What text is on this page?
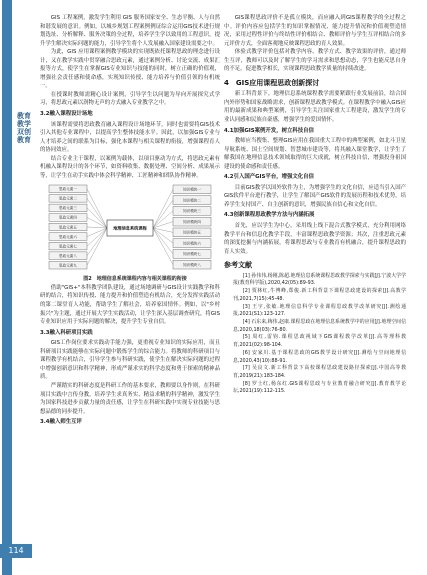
教育教学
双创教育
114

GIS 工程案例，激发学生利用 GIS 服务国家安全、生态平衡、人与自然和谐发展的意识。例如，以城乡规划工程案例例证综合运用GIS技术进行规划选址、分析解释、服务决策的全过程，培养学生学以致用的工程意识，提升学生解决实际问题的能力，引导学生将个人发展融入国家建设需要之中。

为此，GIS 应用课程案例教学模块的实现既依托课程思政的理念进行设计，又在教学实践中贯穿融合思政元素，通过案例分析、讨论交流、成果汇报等方式，使学生在掌握GIS专业知识与技能的同时，树立正确的价值观，增强社会责任感和使命感，实现知识传授、能力培养与价值引领的有机统一。

在授课时教师需精心设计案例，引导学生以问题为导向开展探究式学习，将思政元素以润物无声的方式融入专业教学之中。

3.2融入课程设计场地

该课程需要将思政教育融入课程设计场地环节，同时也需要将GIS技术引入其他专业课程中，以提高学生整体技能水平。因此，以加强GIS专业与人才培养之间的联系为目标，强化本课程与相关课程的衔接，增强课程育人的协同效应。

结合专业主干课程，以案例为载体，以项目驱动为方式，将思政元素有机融入课程设计的各个环节，如资料收集、数据处理、空间分析、成果展示等，让学生在动手实践中体会科学精神、工匠精神和团队协作精神。

思政元素一
思政元素二
思政元素三
思政元素四
思政元素五
思政元素六
思政元素七
思政元素八
思政元素九
知识模块一
知识模块二
知识模块三
知识模块四
知识模块五
知识模块六
知识模块七
知识模块八
地理信息系统课程

图2　地理信息系统课程内容与相关课程的衔接

借助"GIS+"本科教学团队建设，通过场地调研与GIS设计实践教学和科研的结合，将知识传授、能力提升和价值塑造有机结合，充分发挥实践活动的第二课堂育人功能，帮助学生了解社会，培养家国情怀。例如，以"乡村振兴"为主题，通过开展大学生实践活动，让学生深入基层调查研究，将GIS专业知识应用于实际问题的解决，提升学生专业自信。

3.3融入科研项目实践

GIS工作岗位要求实践动手能力强，更重视专业知识的实际应用，而且科研项目实践能够在实际问题中锻炼学生的综合能力。将教师的科研项目与课程教学有机结合，引导学生参与科研实践，使学生在解决实际问题的过程中增强创新意识和科学精神，形成严谨求实的科学态度和勇于探索的精神品质。

严谨踏实的科研态度是科研工作的基本要求，教师要以身作则，在科研项目实践中言传身教，培养学生求真务实、精益求精的科学精神，激发学生为国家科技进步贡献力量的责任感，让学生在科研实践中实现专业技能与思想品德的同步提升。

3.4融入师生互评

GIS课程思政评价不是孤立模块，而应融入到GIS课程教学的全过程之中。评价内容应包括学生的知识掌握情况、能力提升情况和价值观塑造情况，采用过程性评价与终结性评价相结合、教师评价与学生互评相结合的多元评价方式，全面客观地反映课程思政的育人效果。

体验式教学评价包括对教学内容、教学方式、教学效果的评价，通过师生互评，教师可以及时了解学生的学习需求和思想动态，学生也能反思自身的不足，促进教学相长，实现课程思政教学质量的持续改进。

4　GIS应用课程思政创新探讨

新工科背景下，地理信息系统课程教学需要紧跟行业发展前沿，结合国内外形势和国家战略需求，创新课程思政教学模式。在课程教学中融入GIS应用的最新成果和典型案例，引导学生关注国家重大工程建设，激发学生的专业认同感和民族自豪感，增强学生的爱国情怀。

4.1加强GIS案例开发，树立科技自信

教师应当搜集、整理GIS应用在我国重大工程中的典型案例，如北斗卫星导航系统、国土空间规划、智慧城市建设等，将其融入课堂教学，让学生了解我国在地理信息技术领域取得的巨大成就，树立科技自信，增强投身祖国建设的使命感和责任感。

4.2引入国产GIS平台，增强文化自信

目前GIS教学以国外软件为主，为增强学生的文化自信，应适当引入国产GIS软件平台进行教学，让学生了解国产GIS软件的发展历程和技术优势，培养学生支持国产、自主创新的意识，增强民族自信心和文化自信。

4.3创新课程思政教学方法与内涵拓展

首先，应以学生为中心，采用线上线下混合式教学模式，充分利用网络教学平台和信息化教学手段，丰富课程思政教学资源；其次，注重思政元素的深度挖掘与内涵拓展，将课程思政与专业教育有机融合，提升课程思政的育人实效。

参考文献

[1] 孙伟伟,杨刚,陈超.地理信息系统课程思政教学探索与实践[J].宁波大学学报(教育科学版),2020,42(05):89-93.

[2] 贾林红,牛博峰,郑俊.新工科背景下课程思政建设的探索[J].高教学刊,2021,7(15):45-48.

[3] 王宇,张敏.地理信息科学专业课程思政教学改革研究[J].测绘通报,2021(S1):123-127.

[4] 石东来,梅伟,赵康.课程思政在地理信息系统教学中的应用[J].地理空间信息,2020,18(03):76-80.

[5] 周红,雷钧.课程思政视域下GIS课程教学改革[J].高等理科教育,2021(02):98-104.

[6] 安家川.基于课程思政的GIS教学设计研究[J].测绘与空间地理信息,2020,43(10):88-91.

[7] 吴良文.新工科背景下高校课程思政建设路径探索[J].中国高等教育,2019(21):183-184.

[8] 罗士红,杨东红.GIS课程思政与专业教育融合研究[J].教育教学论坛,2021(19):112-115.
